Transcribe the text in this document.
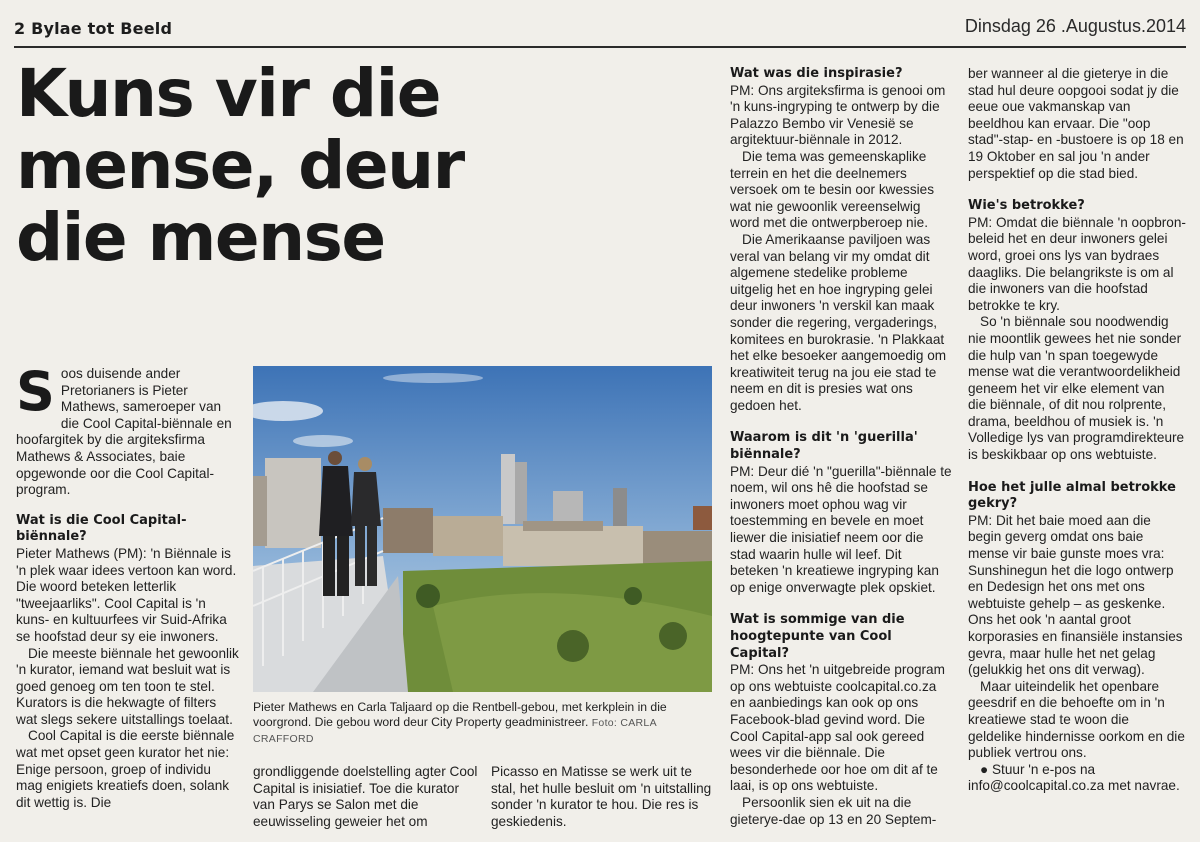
2 Bylae tot Beeld	Dinsdag 26 .Augustus.2014
Kuns vir die
mense, deur
die mense

Soos duisende ander Pretorianers is Pieter Mathews, sameroeper van die Cool Capital-biënnale en hoofargitek by die argiteksfirma Mathews & Associates, baie opgewonde oor die Cool Capital-program.

Wat is die Cool Capital-biënnale?

Pieter Mathews (PM): 'n Biënnale is 'n plek waar idees vertoon kan word. Die woord beteken letterlik "tweejaarliks". Cool Capital is 'n kuns- en kultuurfees vir Suid-Afrika se hoofstad deur sy eie inwoners.

Die meeste biënnale het gewoonlik 'n kurator, iemand wat besluit wat is goed genoeg om ten toon te stel. Kurators is die hekwagte of filters wat slegs sekere uitstallings toelaat.

Cool Capital is die eerste biënnale wat met opset geen kurator het nie: Enige persoon, groep of individu mag enigiets kreatiefs doen, solank dit wettig is. Die

Pieter Mathews en Carla Taljaard op die Rentbell-gebou, met kerkplein in die voorgrond. Die gebou word deur City Property geadministreer. Foto: CARLA CRAFFORD

grondliggende doelstelling agter Cool Capital is inisiatief. Toe die kurator van Parys se Salon met die eeuwisseling geweier het om

Picasso en Matisse se werk uit te stal, het hulle besluit om 'n uitstalling sonder 'n kurator te hou. Die res is geskiedenis.

Wat was die inspirasie?

PM: Ons argiteksfirma is genooi om 'n kuns-ingryping te ontwerp by die Palazzo Bembo vir Venesië se argitektuur-biënnale in 2012.

Die tema was gemeenskaplike terrein en het die deelnemers versoek om te besin oor kwessies wat nie gewoonlik vereenselwig word met die ontwerpberoep nie.

Die Amerikaanse paviljoen was veral van belang vir my omdat dit algemene stedelike probleme uitgelig het en hoe ingryping gelei deur inwoners 'n verskil kan maak sonder die regering, vergaderings, komitees en burokrasie. 'n Plakkaat het elke besoeker aangemoedig om kreatiwiteit terug na jou eie stad te neem en dit is presies wat ons gedoen het.

Waarom is dit 'n 'guerilla' biënnale?

PM: Deur dié 'n "guerilla"-biënnale te noem, wil ons hê die hoofstad se inwoners moet ophou wag vir toestemming en bevele en moet liewer die inisiatief neem oor die stad waarin hulle wil leef. Dit beteken 'n kreatiewe ingryping kan op enige onverwagte plek opskiet.

Wat is sommige van die hoogtepunte van Cool Capital?

PM: Ons het 'n uitgebreide program op ons webtuiste coolcapital.co.za en aanbiedings kan ook op ons Facebook-blad gevind word. Die Cool Capital-app sal ook gereed wees vir die biënnale. Die besonderhede oor hoe om dit af te laai, is op ons webtuiste.

Persoonlik sien ek uit na die gieterye-dae op 13 en 20 Septem-

ber wanneer al die gieterye in die stad hul deure oopgooi sodat jy die eeue oue vakmanskap van beeldhou kan ervaar. Die "oop stad"-stap- en -bustoere is op 18 en 19 Oktober en sal jou 'n ander perspektief op die stad bied.

Wie's betrokke?

PM: Omdat die biënnale 'n oopbron-beleid het en deur inwoners gelei word, groei ons lys van bydraes daagliks. Die belangrikste is om al die inwoners van die hoofstad betrokke te kry.

So 'n biënnale sou noodwendig nie moontlik gewees het nie sonder die hulp van 'n span toegewyde mense wat die verantwoordelikheid geneem het vir elke element van die biënnale, of dit nou rolprente, drama, beeldhou of musiek is. 'n Volledige lys van programdirekteure is beskikbaar op ons webtuiste.

Hoe het julle almal betrokke gekry?

PM: Dit het baie moed aan die begin geverg omdat ons baie mense vir baie gunste moes vra: Sunshinegun het die logo ontwerp en Dedesign het ons met ons webtuiste gehelp – as geskenke. Ons het ook 'n aantal groot korporasies en finansiële instansies gevra, maar hulle het net gelag (gelukkig het ons dit verwag).

Maar uiteindelik het openbare geesdrif en die behoefte om in 'n kreatiewe stad te woon die geldelike hindernisse oorkom en die publiek vertrou ons.

● Stuur 'n e-pos na info@coolcapital.co.za met navrae.
